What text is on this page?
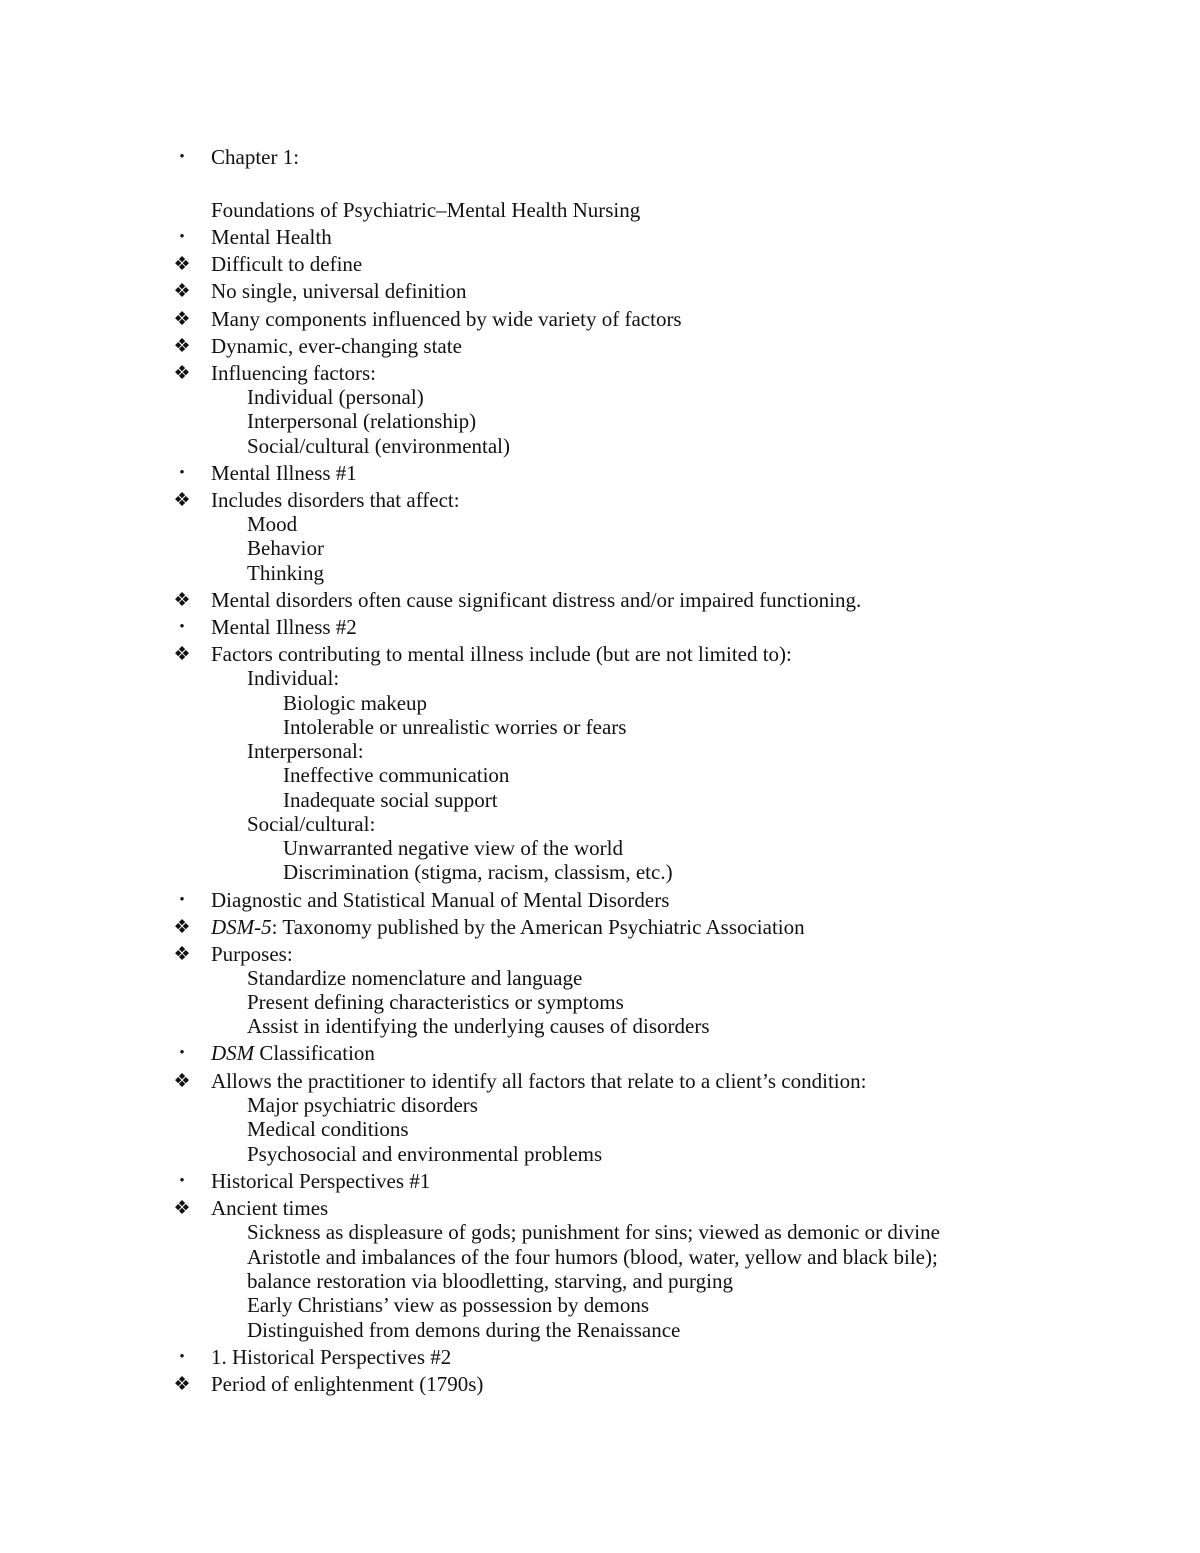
•	Chapter 1:
Foundations of Psychiatric–Mental Health Nursing
•	Mental Health
❖ Difficult to define
❖ No single, universal definition
❖ Many components influenced by wide variety of factors
❖ Dynamic, ever-changing state
❖ Influencing factors:
Individual (personal)
Interpersonal (relationship)
Social/cultural (environmental)
•	Mental Illness #1
❖ Includes disorders that affect:
Mood
Behavior
Thinking
❖ Mental disorders often cause significant distress and/or impaired functioning.
•	Mental Illness #2
❖ Factors contributing to mental illness include (but are not limited to):
Individual:
Biologic makeup
Intolerable or unrealistic worries or fears
Interpersonal:
Ineffective communication
Inadequate social support
Social/cultural:
Unwarranted negative view of the world
Discrimination (stigma, racism, classism, etc.)
•	Diagnostic and Statistical Manual of Mental Disorders
❖ DSM-5: Taxonomy published by the American Psychiatric Association
❖ Purposes:
Standardize nomenclature and language
Present defining characteristics or symptoms
Assist in identifying the underlying causes of disorders
•	DSM Classification
❖ Allows the practitioner to identify all factors that relate to a client’s condition:
Major psychiatric disorders
Medical conditions
Psychosocial and environmental problems
•	Historical Perspectives #1
❖ Ancient times
Sickness as displeasure of gods; punishment for sins; viewed as demonic or divine
Aristotle and imbalances of the four humors (blood, water, yellow and black bile);
balance restoration via bloodletting, starving, and purging
Early Christians’ view as possession by demons
Distinguished from demons during the Renaissance
•	1. Historical Perspectives #2
❖ Period of enlightenment (1790s)
